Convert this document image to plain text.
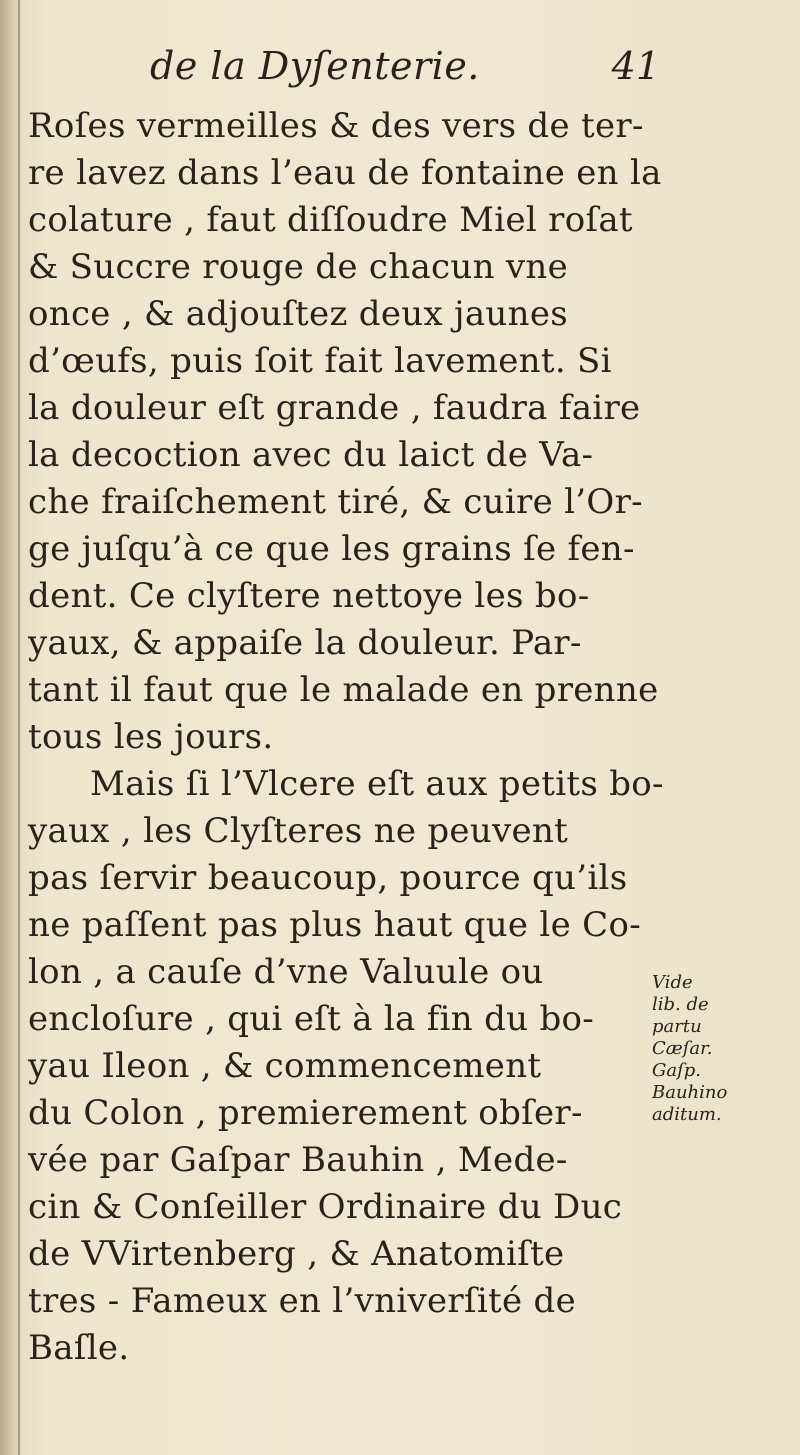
de la Dyſenterie.	41
Roſes vermeilles & des vers de ter-
re lavez dans l’eau de fontaine en la
colature , faut diſſoudre Miel roſat
& Succre rouge de chacun vne
once , & adjouſtez deux jaunes
d’œufs, puis ſoit fait lavement. Si
la douleur eſt grande , faudra faire
la decoction avec du laict de Va-
che fraiſchement tiré, & cuire l’Or-
ge juſqu’à ce que les grains ſe fen-
dent. Ce clyſtere nettoye les bo-
yaux, & appaiſe la douleur. Par-
tant il faut que le malade en prenne
tous les jours.
Mais ſi l’Vlcere eſt aux petits bo-
yaux , les Clyſteres ne peuvent
pas ſervir beaucoup, pource qu’ils
ne paſſent pas plus haut que le Co-
lon , a cauſe d’vne Valuule ou
encloſure , qui eſt à la fin du bo-
yau Ileon , & commencement
du Colon , premierement obſer-
vée par Gaſpar Bauhin , Mede-
cin & Conſeiller Ordinaire du Duc
de VVirtenberg , & Anatomiſte
tres - Fameux en l’vniverſité de
Baſle.
Vide
lib. de
partu
Cæſar.
Gaſp.
Bauhino
aditum.
